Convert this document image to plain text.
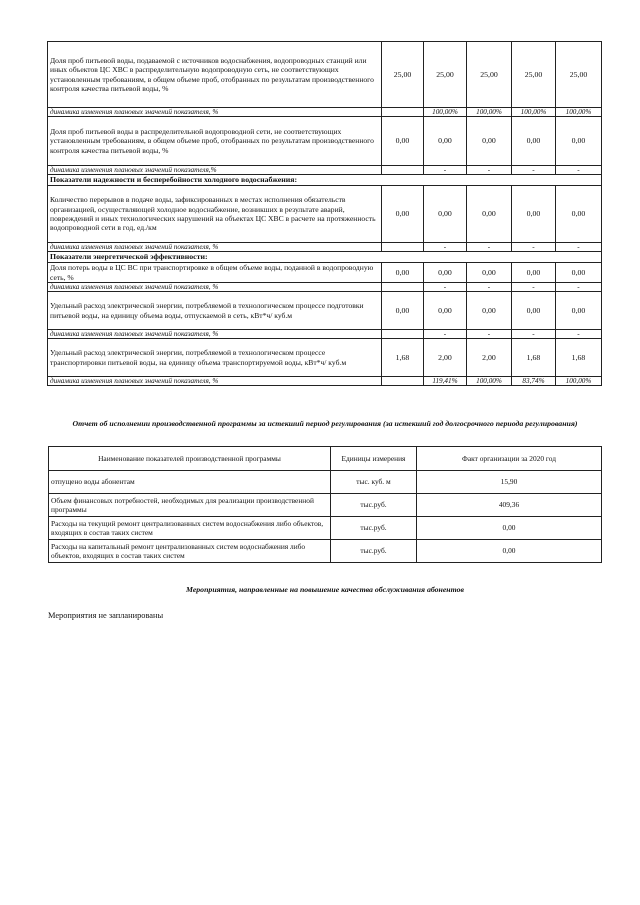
Доля проб питьевой воды, подаваемой с источников водоснабжения, водопроводных станций или иных объектов ЦС ХВС в распределительную водопроводную сеть, не соответствующих установленным требованиям, в общем объеме проб, отобранных по результатам производственного контроля качества питьевой воды, %	25,00	25,00	25,00	25,00	25,00
динамика изменения плановых значений показателя, %		100,00%	100,00%	100,00%	100,00%
Доля проб питьевой воды в распределительной водопроводной сети, не соответствующих установленным требованиям, в общем объеме проб, отобранных по результатам производственного контроля качества питьевой воды, %	0,00	0,00	0,00	0,00	0,00
динамика изменения плановых значений показателя,%		-	-	-	-
Показатели надежности и бесперебойности холодного водоснабжения:					
Количество перерывов в подаче воды, зафиксированных в местах исполнения обязательств организацией, осуществляющей холодное водоснабжение, возникших в результате аварий, повреждений и иных технологических нарушений на объектах ЦС ХВС в расчете на протяженность водопроводной сети в год, ед./км	0,00	0,00	0,00	0,00	0,00
динамика изменения плановых значений показателя, %		-	-	-	-
Показатели энергетической эффективности:					
Доля потерь воды в ЦС ВС при транспортировке в общем объеме воды, поданной в водопроводную сеть, %	0,00	0,00	0,00	0,00	0,00
динамика изменения плановых значений показателя, %		-	-	-	-
Удельный расход электрической энергии, потребляемой в технологическом процессе подготовки питьевой воды, на единицу объема воды, отпускаемой в сеть, кВт*ч/ куб.м	0,00	0,00	0,00	0,00	0,00
динамика изменения плановых значений показателя, %		-	-	-	-
Удельный расход электрической энергии, потребляемой в технологическом процессе транспортировки питьевой воды, на единицу объема транспортируемой воды, кВт*ч/ куб.м	1,68	2,00	2,00	1,68	1,68
динамика изменения плановых значений показателя, %		119,41%	100,00%	83,74%	100,00%
Отчет об исполнении производственной программы за истекший период регулирования (за истекший год долгосрочного периода регулирования)
Наименование показателей производственной программы	Единицы измерения	Факт организации за 2020 год
отпущено воды абонентам	тыс. куб. м	15,90
Объем финансовых потребностей, необходимых для реализации производственной программы	тыс.руб.	409,36
Расходы на текущий ремонт централизованных систем водоснабжения либо объектов, входящих в состав таких систем	тыс.руб.	0,00
Расходы на капитальный ремонт централизованных систем водоснабжения либо объектов, входящих в состав таких систем	тыс.руб.	0,00
Мероприятия, направленные на повышение качества обслуживания абонентов
Мероприятия не запланированы
